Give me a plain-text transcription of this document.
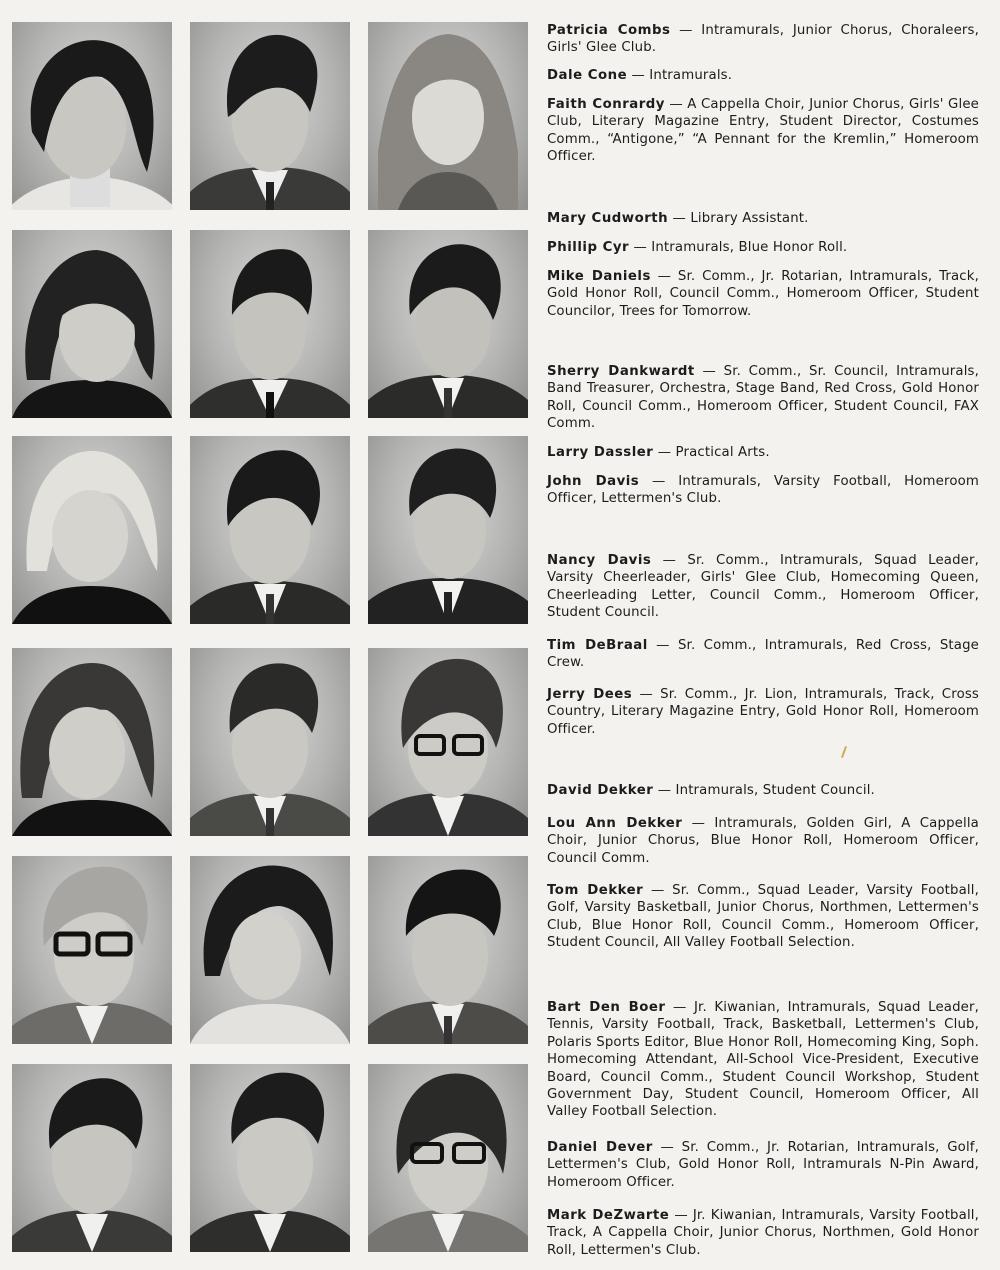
Patricia Combs — Intramurals, Junior Chorus, Choraleers, Girls' Glee Club.

Dale Cone — Intramurals.

Faith Conrardy — A Cappella Choir, Junior Chorus, Girls' Glee Club, Literary Magazine Entry, Student Director, Costumes Comm., “Antigone,” “A Pennant for the Kremlin,” Homeroom Officer.

Mary Cudworth — Library Assistant.

Phillip Cyr — Intramurals, Blue Honor Roll.

Mike Daniels — Sr. Comm., Jr. Rotarian, Intramurals, Track, Gold Honor Roll, Council Comm., Homeroom Officer, Student Councilor, Trees for Tomorrow.

Sherry Dankwardt — Sr. Comm., Sr. Council, Intramurals, Band Treasurer, Orchestra, Stage Band, Red Cross, Gold Honor Roll, Council Comm., Homeroom Officer, Student Council, FAX Comm.

Larry Dassler — Practical Arts.

John Davis — Intramurals, Varsity Football, Homeroom Officer, Lettermen's Club.

Nancy Davis — Sr. Comm., Intramurals, Squad Leader, Varsity Cheerleader, Girls' Glee Club, Homecoming Queen, Cheerleading Letter, Council Comm., Homeroom Officer, Student Council.

Tim DeBraal — Sr. Comm., Intramurals, Red Cross, Stage Crew.

Jerry Dees — Sr. Comm., Jr. Lion, Intramurals, Track, Cross Country, Literary Magazine Entry, Gold Honor Roll, Homeroom Officer.

David Dekker — Intramurals, Student Council.

Lou Ann Dekker — Intramurals, Golden Girl, A Cappella Choir, Junior Chorus, Blue Honor Roll, Homeroom Officer, Council Comm.

Tom Dekker — Sr. Comm., Squad Leader, Varsity Football, Golf, Varsity Basketball, Junior Chorus, Northmen, Lettermen's Club, Blue Honor Roll, Council Comm., Homeroom Officer, Student Council, All Valley Football Selection.

Bart Den Boer — Jr. Kiwanian, Intramurals, Squad Leader, Tennis, Varsity Football, Track, Basketball, Lettermen's Club, Polaris Sports Editor, Blue Honor Roll, Homecoming King, Soph. Homecoming Attendant, All-School Vice-President, Executive Board, Council Comm., Student Council Workshop, Student Government Day, Student Council, Homeroom Officer, All Valley Football Selection.

Daniel Dever — Sr. Comm., Jr. Rotarian, Intramurals, Golf, Lettermen's Club, Gold Honor Roll, Intramurals N-Pin Award, Homeroom Officer.

Mark DeZwarte — Jr. Kiwanian, Intramurals, Varsity Football, Track, A Cappella Choir, Junior Chorus, Northmen, Gold Honor Roll, Lettermen's Club.
